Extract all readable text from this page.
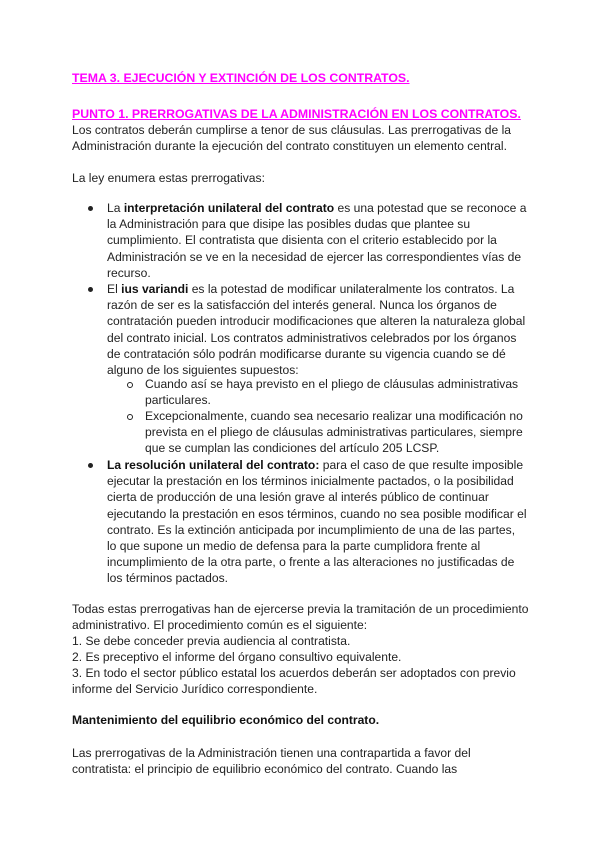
TEMA 3. EJECUCIÓN Y EXTINCIÓN DE LOS CONTRATOS.
PUNTO 1. PRERROGATIVAS DE LA ADMINISTRACIÓN EN LOS CONTRATOS.
Los contratos deberán cumplirse a tenor de sus cláusulas. Las prerrogativas de la Administración durante la ejecución del contrato constituyen un elemento central.
La ley enumera estas prerrogativas:
La interpretación unilateral del contrato es una potestad que se reconoce a la Administración para que disipe las posibles dudas que plantee su cumplimiento. El contratista que disienta con el criterio establecido por la Administración se ve en la necesidad de ejercer las correspondientes vías de recurso.
El ius variandi es la potestad de modificar unilateralmente los contratos. La razón de ser es la satisfacción del interés general. Nunca los órganos de contratación pueden introducir modificaciones que alteren la naturaleza global del contrato inicial. Los contratos administrativos celebrados por los órganos de contratación sólo podrán modificarse durante su vigencia cuando se dé alguno de los siguientes supuestos:
Cuando así se haya previsto en el pliego de cláusulas administrativas particulares.
Excepcionalmente, cuando sea necesario realizar una modificación no prevista en el pliego de cláusulas administrativas particulares, siempre que se cumplan las condiciones del artículo 205 LCSP.
La resolución unilateral del contrato: para el caso de que resulte imposible ejecutar la prestación en los términos inicialmente pactados, o la posibilidad cierta de producción de una lesión grave al interés público de continuar ejecutando la prestación en esos términos, cuando no sea posible modificar el contrato. Es la extinción anticipada por incumplimiento de una de las partes, lo que supone un medio de defensa para la parte cumplidora frente al incumplimiento de la otra parte, o frente a las alteraciones no justificadas de los términos pactados.
Todas estas prerrogativas han de ejercerse previa la tramitación de un procedimiento administrativo. El procedimiento común es el siguiente:
1. Se debe conceder previa audiencia al contratista.
2. Es preceptivo el informe del órgano consultivo equivalente.
3. En todo el sector público estatal los acuerdos deberán ser adoptados con previo informe del Servicio Jurídico correspondiente.
Mantenimiento del equilibrio económico del contrato.
Las prerrogativas de la Administración tienen una contrapartida a favor del contratista: el principio de equilibrio económico del contrato. Cuando las
